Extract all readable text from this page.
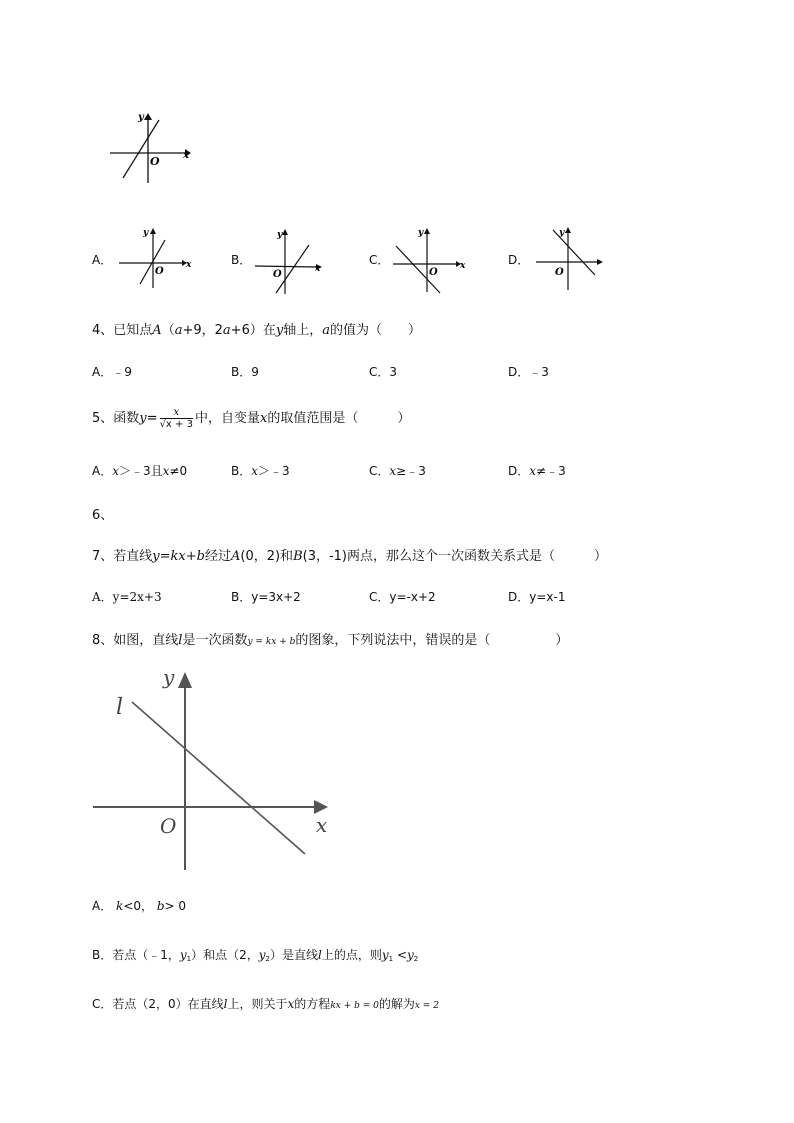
y
x
O
A．
y
x
O
B．
y
x
O
C．
y
x
O
D．
y
O
4、已知点A（a+9，2a+6）在y轴上，a的值为（　　）
A．﹣9	B．9	C．3	D．﹣3
5、函数$y= \frac{x}{√x + 3}$ 中，自变量x的取值范围是（　　　）
A．x＞﹣3且x≠0	B．x＞﹣3	C．x≥﹣3	D．x≠﹣3
6、
7、若直线y=kx+b经过A(0，2)和B(3，-1)两点，那么这个一次函数关系式是（　　　）
A．y=2x+3	B．y=3x+2	C．y=-x+2	D．y=x-1
8、如图，直线l是一次函数y = kx + b的图象，下列说法中，错误的是（　　　　　）
l
y
x
O
A． k<0， b> 0
B．若点（﹣1，$y_1$）和点（2，$y_2$）是直线l上的点，则$y_1 <y_2$
C．若点（2，0）在直线l上，则关于x的方程kx + b = 0的解为x = 2
